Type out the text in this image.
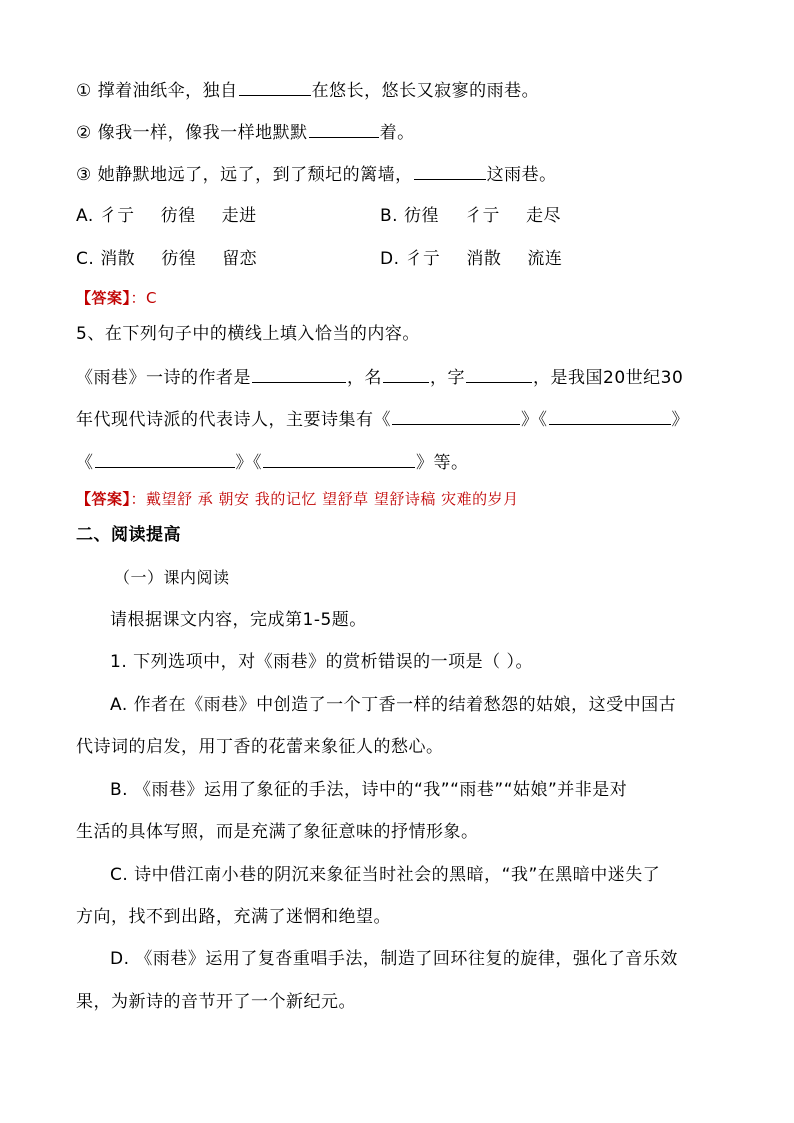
① 撑着油纸伞，独自	在悠长，悠长又寂寥的雨巷。
② 像我一样，像我一样地默默	着。
③ 她静默地远了，远了，到了颓圮的篱墙，	这雨巷。
A. 彳亍 彷徨 走进	B. 彷徨 彳亍 走尽
C. 消散 彷徨 留恋	D. 彳亍 消散 流连
【答案】：C
5、在下列句子中的横线上填入恰当的内容。
《雨巷》一诗的作者是	，名	，字	，是我国20世纪30
年代现代诗派的代表诗人，主要诗集有《	》《	》
《	》《	》等。
【答案】：戴望舒 承 朝安 我的记忆 望舒草 望舒诗稿 灾难的岁月
二、阅读提高
（一）课内阅读
请根据课文内容，完成第1-5题。
1. 下列选项中，对《雨巷》的赏析错误的一项是（ ）。
A. 作者在《雨巷》中创造了一个丁香一样的结着愁怨的姑娘，这受中国古
代诗词的启发，用丁香的花蕾来象征人的愁心。
B. 《雨巷》运用了象征的手法，诗中的“我”“雨巷”“姑娘”并非是对
生活的具体写照，而是充满了象征意味的抒情形象。
C. 诗中借江南小巷的阴沉来象征当时社会的黑暗，“我”在黑暗中迷失了
方向，找不到出路，充满了迷惘和绝望。
D. 《雨巷》运用了复沓重唱手法，制造了回环往复的旋律，强化了音乐效
果，为新诗的音节开了一个新纪元。
